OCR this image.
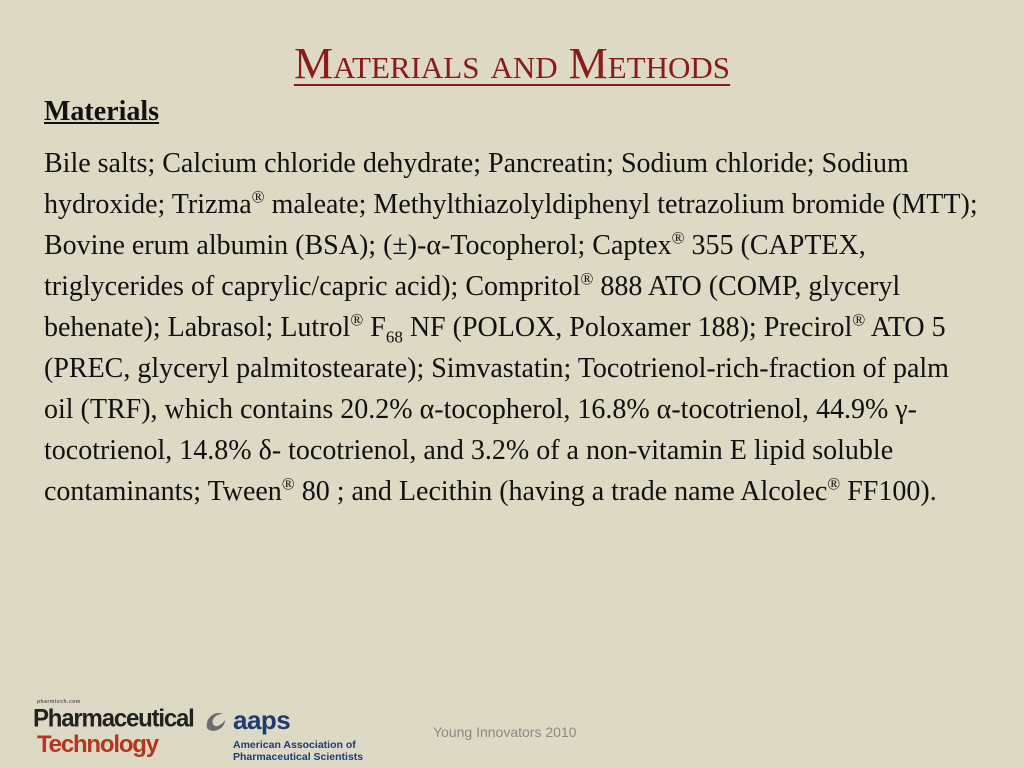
Materials and Methods
Materials

Bile salts; Calcium chloride dehydrate; Pancreatin; Sodium chloride; Sodium hydroxide; Trizma® maleate; Methylthiazolyldiphenyl tetrazolium bromide (MTT); Bovine erum albumin (BSA); (±)-α-Tocopherol; Captex® 355 (CAPTEX, triglycerides of caprylic/capric acid); Compritol® 888 ATO (COMP, glyceryl behenate); Labrasol; Lutrol® $F_{68}$ NF (POLOX, Poloxamer 188); Precirol® ATO 5 (PREC, glyceryl palmitostearate); Simvastatin; Tocotrienol-rich-fraction of palm oil (TRF), which contains 20.2% α-tocopherol, 16.8% α-tocotrienol, 44.9% γ-tocotrienol, 14.8% δ- tocotrienol, and 3.2% of a non-vitamin E lipid soluble contaminants; Tween® 80 ; and Lecithin (having a trade name Alcolec® FF100).

pharmtech.com
Pharmaceutical
Technology
aaps
American Association of Pharmaceutical Scientists
Young Innovators 2010
